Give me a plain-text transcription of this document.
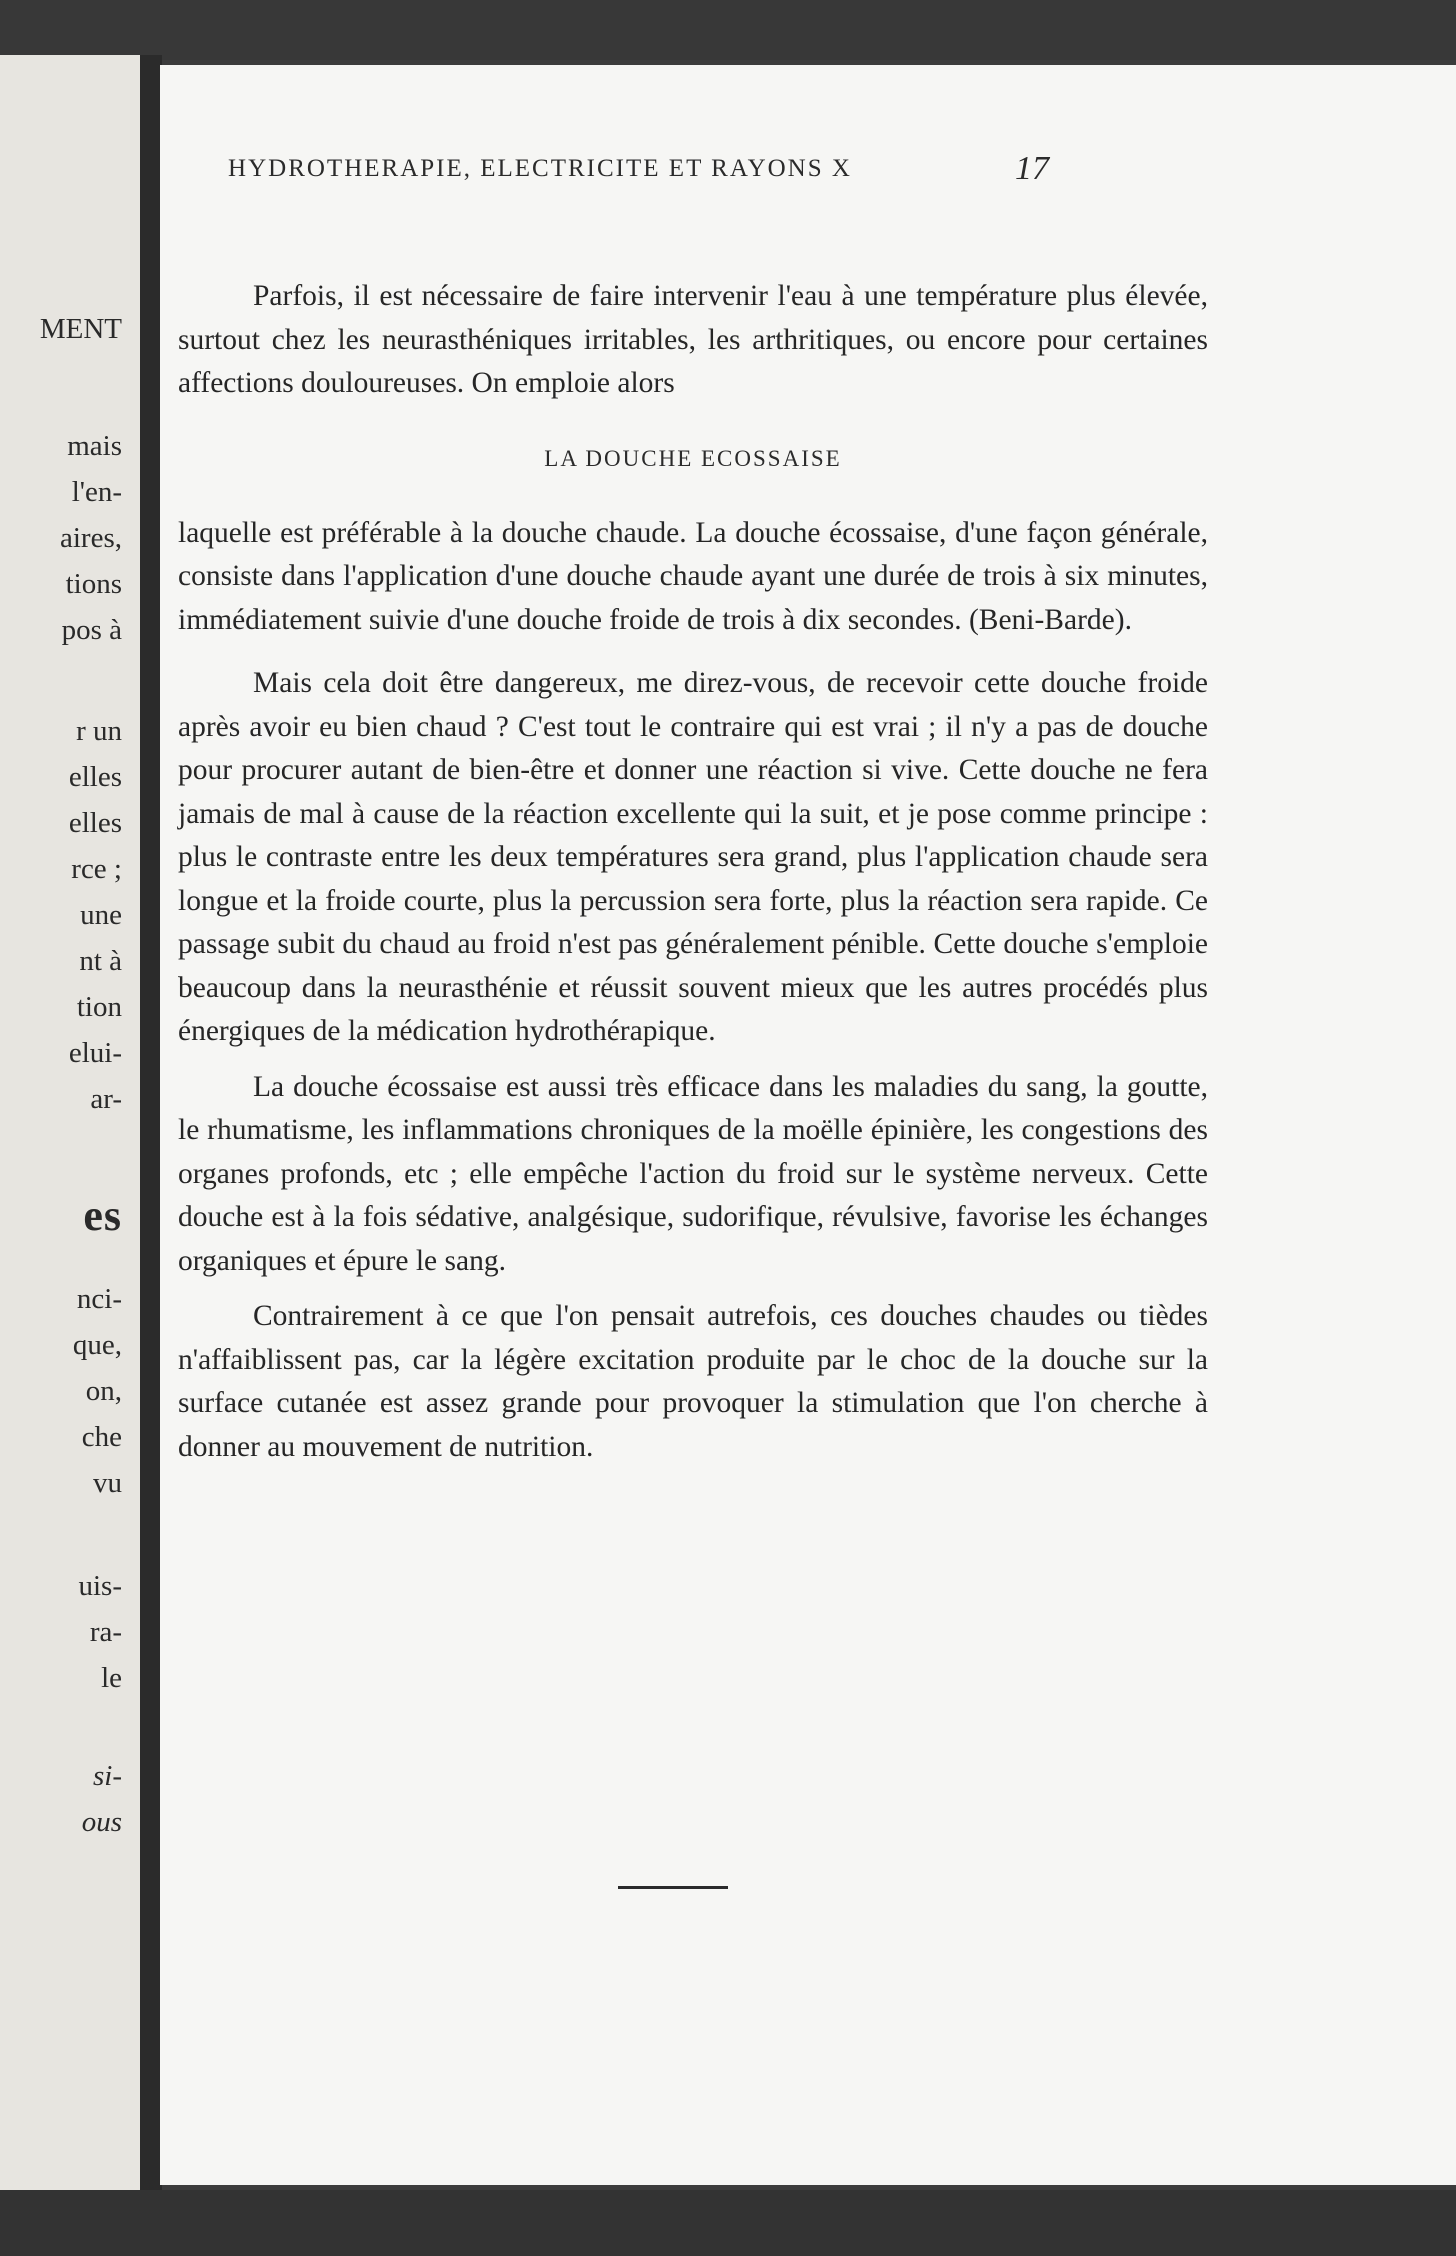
MENT
mais
l'en-
aires,
tions
pos à
r un
elles
elles
rce ;
une
nt à
tion
elui-
ar-
es
nci-
que,
on,
che
vu
uis-
ra-
le
si-
ous
HYDROTHERAPIE, ELECTRICITE ET RAYONS X	17

Parfois, il est nécessaire de faire intervenir l'eau à une température plus élevée, surtout chez les neurasthéniques irritables, les arthritiques, ou encore pour certaines affections douloureuses. On emploie alors

LA DOUCHE ECOSSAISE

laquelle est préférable à la douche chaude. La douche écossaise, d'une façon générale, consiste dans l'application d'une douche chaude ayant une durée de trois à six minutes, immédiatement suivie d'une douche froide de trois à dix secondes. (Beni-Barde).

Mais cela doit être dangereux, me direz-vous, de recevoir cette douche froide après avoir eu bien chaud ? C'est tout le contraire qui est vrai ; il n'y a pas de douche pour procurer autant de bien-être et donner une réaction si vive. Cette douche ne fera jamais de mal à cause de la réaction excellente qui la suit, et je pose comme principe : plus le contraste entre les deux températures sera grand, plus l'application chaude sera longue et la froide courte, plus la percussion sera forte, plus la réaction sera rapide. Ce passage subit du chaud au froid n'est pas généralement pénible. Cette douche s'emploie beaucoup dans la neurasthénie et réussit souvent mieux que les autres procédés plus énergiques de la médication hydrothérapique.

La douche écossaise est aussi très efficace dans les maladies du sang, la goutte, le rhumatisme, les inflammations chroniques de la moëlle épinière, les congestions des organes profonds, etc ; elle empêche l'action du froid sur le système nerveux. Cette douche est à la fois sédative, analgésique, sudorifique, révulsive, favorise les échanges organiques et épure le sang.

Contrairement à ce que l'on pensait autrefois, ces douches chaudes ou tièdes n'affaiblissent pas, car la légère excitation produite par le choc de la douche sur la surface cutanée est assez grande pour provoquer la stimulation que l'on cherche à donner au mouvement de nutrition.
